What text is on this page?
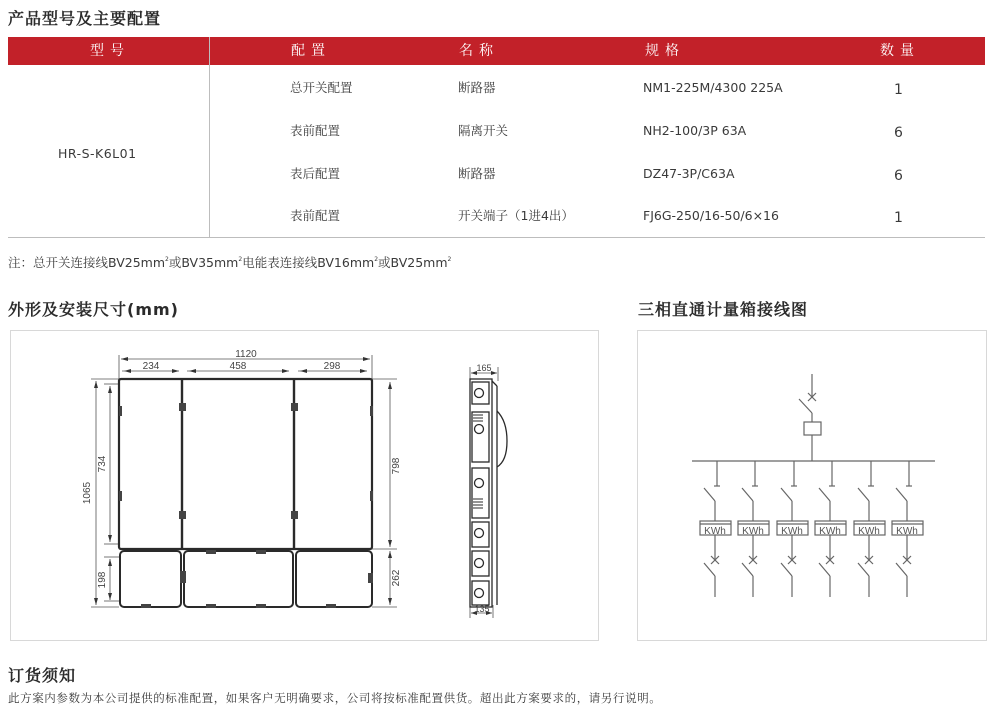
产品型号及主要配置
型号	配置	名称	规格	数量
HR-S-K6L01
总开关配置	断路器	NM1-225M/4300 225A	1
表前配置	隔离开关	NH2-100/3P 63A	6
表后配置	断路器	DZ47-3P/C63A	6
表前配置	开关端子（1进4出）	FJ6G-250/16-50/6×16	1
注：总开关连接线$BV25mm^2$或$BV35mm^2$电能表连接线$BV16mm^2$或$BV25mm^2$
外形及安装尺寸(mm)
1120
234	458	298
1065
734
198
798
262
165
135
三相直通计量箱接线图
KWh KWh KWh KWh KWh KWh
订货须知
此方案内参数为本公司提供的标准配置，如果客户无明确要求，公司将按标准配置供货。超出此方案要求的，请另行说明。
